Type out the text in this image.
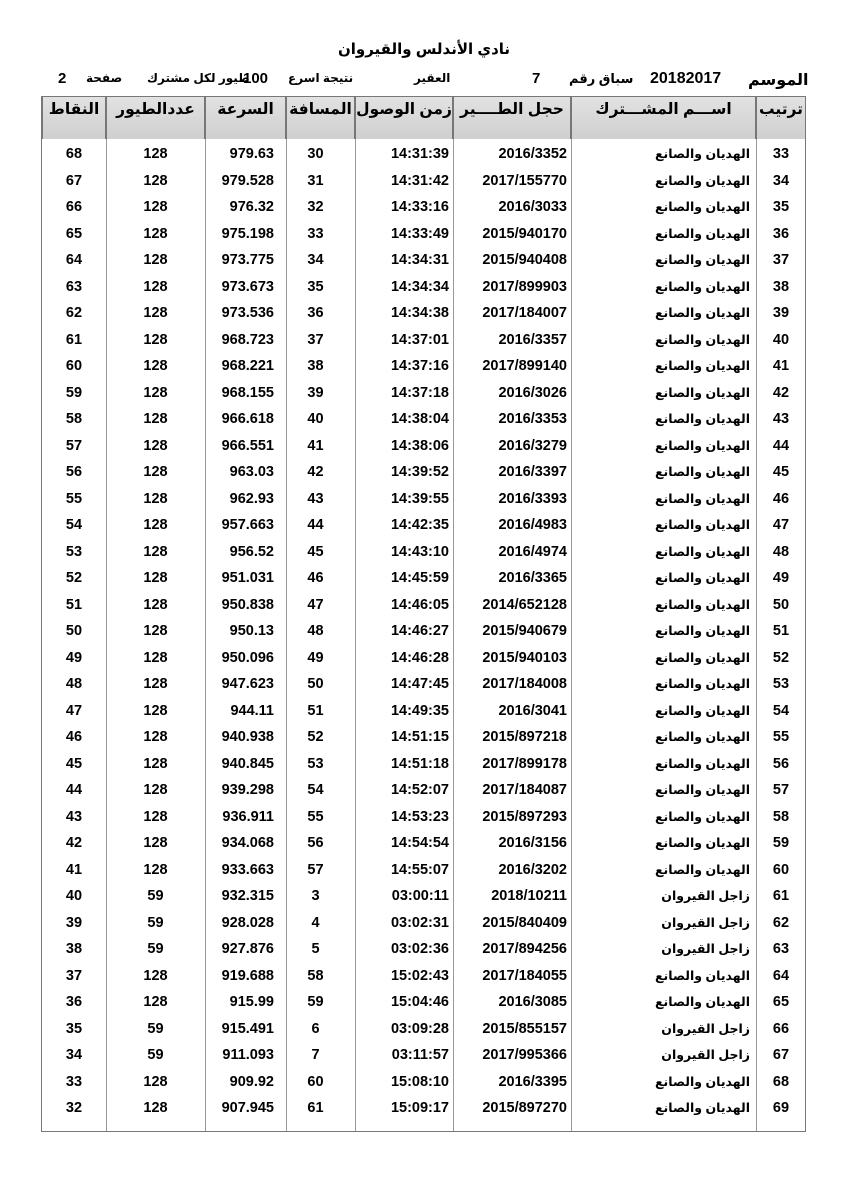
نادي الأندلس والقيروان
الموسم
20182017
سباق رقم
7
العقير
نتيجة اسرع
100
طيور لكل مشترك
صفحة
2
ترتيب
اســـم المشـــترك
حجل الطــــير
زمن الوصول
المسافة
السرعة
عددالطيور
النقاط
33
الهديان والصانع
2016/3352
14:31:39
30
979.63
128
68
34
الهديان والصانع
2017/155770
14:31:42
31
979.528
128
67
35
الهديان والصانع
2016/3033
14:33:16
32
976.32
128
66
36
الهديان والصانع
2015/940170
14:33:49
33
975.198
128
65
37
الهديان والصانع
2015/940408
14:34:31
34
973.775
128
64
38
الهديان والصانع
2017/899903
14:34:34
35
973.673
128
63
39
الهديان والصانع
2017/184007
14:34:38
36
973.536
128
62
40
الهديان والصانع
2016/3357
14:37:01
37
968.723
128
61
41
الهديان والصانع
2017/899140
14:37:16
38
968.221
128
60
42
الهديان والصانع
2016/3026
14:37:18
39
968.155
128
59
43
الهديان والصانع
2016/3353
14:38:04
40
966.618
128
58
44
الهديان والصانع
2016/3279
14:38:06
41
966.551
128
57
45
الهديان والصانع
2016/3397
14:39:52
42
963.03
128
56
46
الهديان والصانع
2016/3393
14:39:55
43
962.93
128
55
47
الهديان والصانع
2016/4983
14:42:35
44
957.663
128
54
48
الهديان والصانع
2016/4974
14:43:10
45
956.52
128
53
49
الهديان والصانع
2016/3365
14:45:59
46
951.031
128
52
50
الهديان والصانع
2014/652128
14:46:05
47
950.838
128
51
51
الهديان والصانع
2015/940679
14:46:27
48
950.13
128
50
52
الهديان والصانع
2015/940103
14:46:28
49
950.096
128
49
53
الهديان والصانع
2017/184008
14:47:45
50
947.623
128
48
54
الهديان والصانع
2016/3041
14:49:35
51
944.11
128
47
55
الهديان والصانع
2015/897218
14:51:15
52
940.938
128
46
56
الهديان والصانع
2017/899178
14:51:18
53
940.845
128
45
57
الهديان والصانع
2017/184087
14:52:07
54
939.298
128
44
58
الهديان والصانع
2015/897293
14:53:23
55
936.911
128
43
59
الهديان والصانع
2016/3156
14:54:54
56
934.068
128
42
60
الهديان والصانع
2016/3202
14:55:07
57
933.663
128
41
61
زاجل القيروان
2018/10211
03:00:11
3
932.315
59
40
62
زاجل القيروان
2015/840409
03:02:31
4
928.028
59
39
63
زاجل القيروان
2017/894256
03:02:36
5
927.876
59
38
64
الهديان والصانع
2017/184055
15:02:43
58
919.688
128
37
65
الهديان والصانع
2016/3085
15:04:46
59
915.99
128
36
66
زاجل القيروان
2015/855157
03:09:28
6
915.491
59
35
67
زاجل القيروان
2017/995366
03:11:57
7
911.093
59
34
68
الهديان والصانع
2016/3395
15:08:10
60
909.92
128
33
69
الهديان والصانع
2015/897270
15:09:17
61
907.945
128
32
